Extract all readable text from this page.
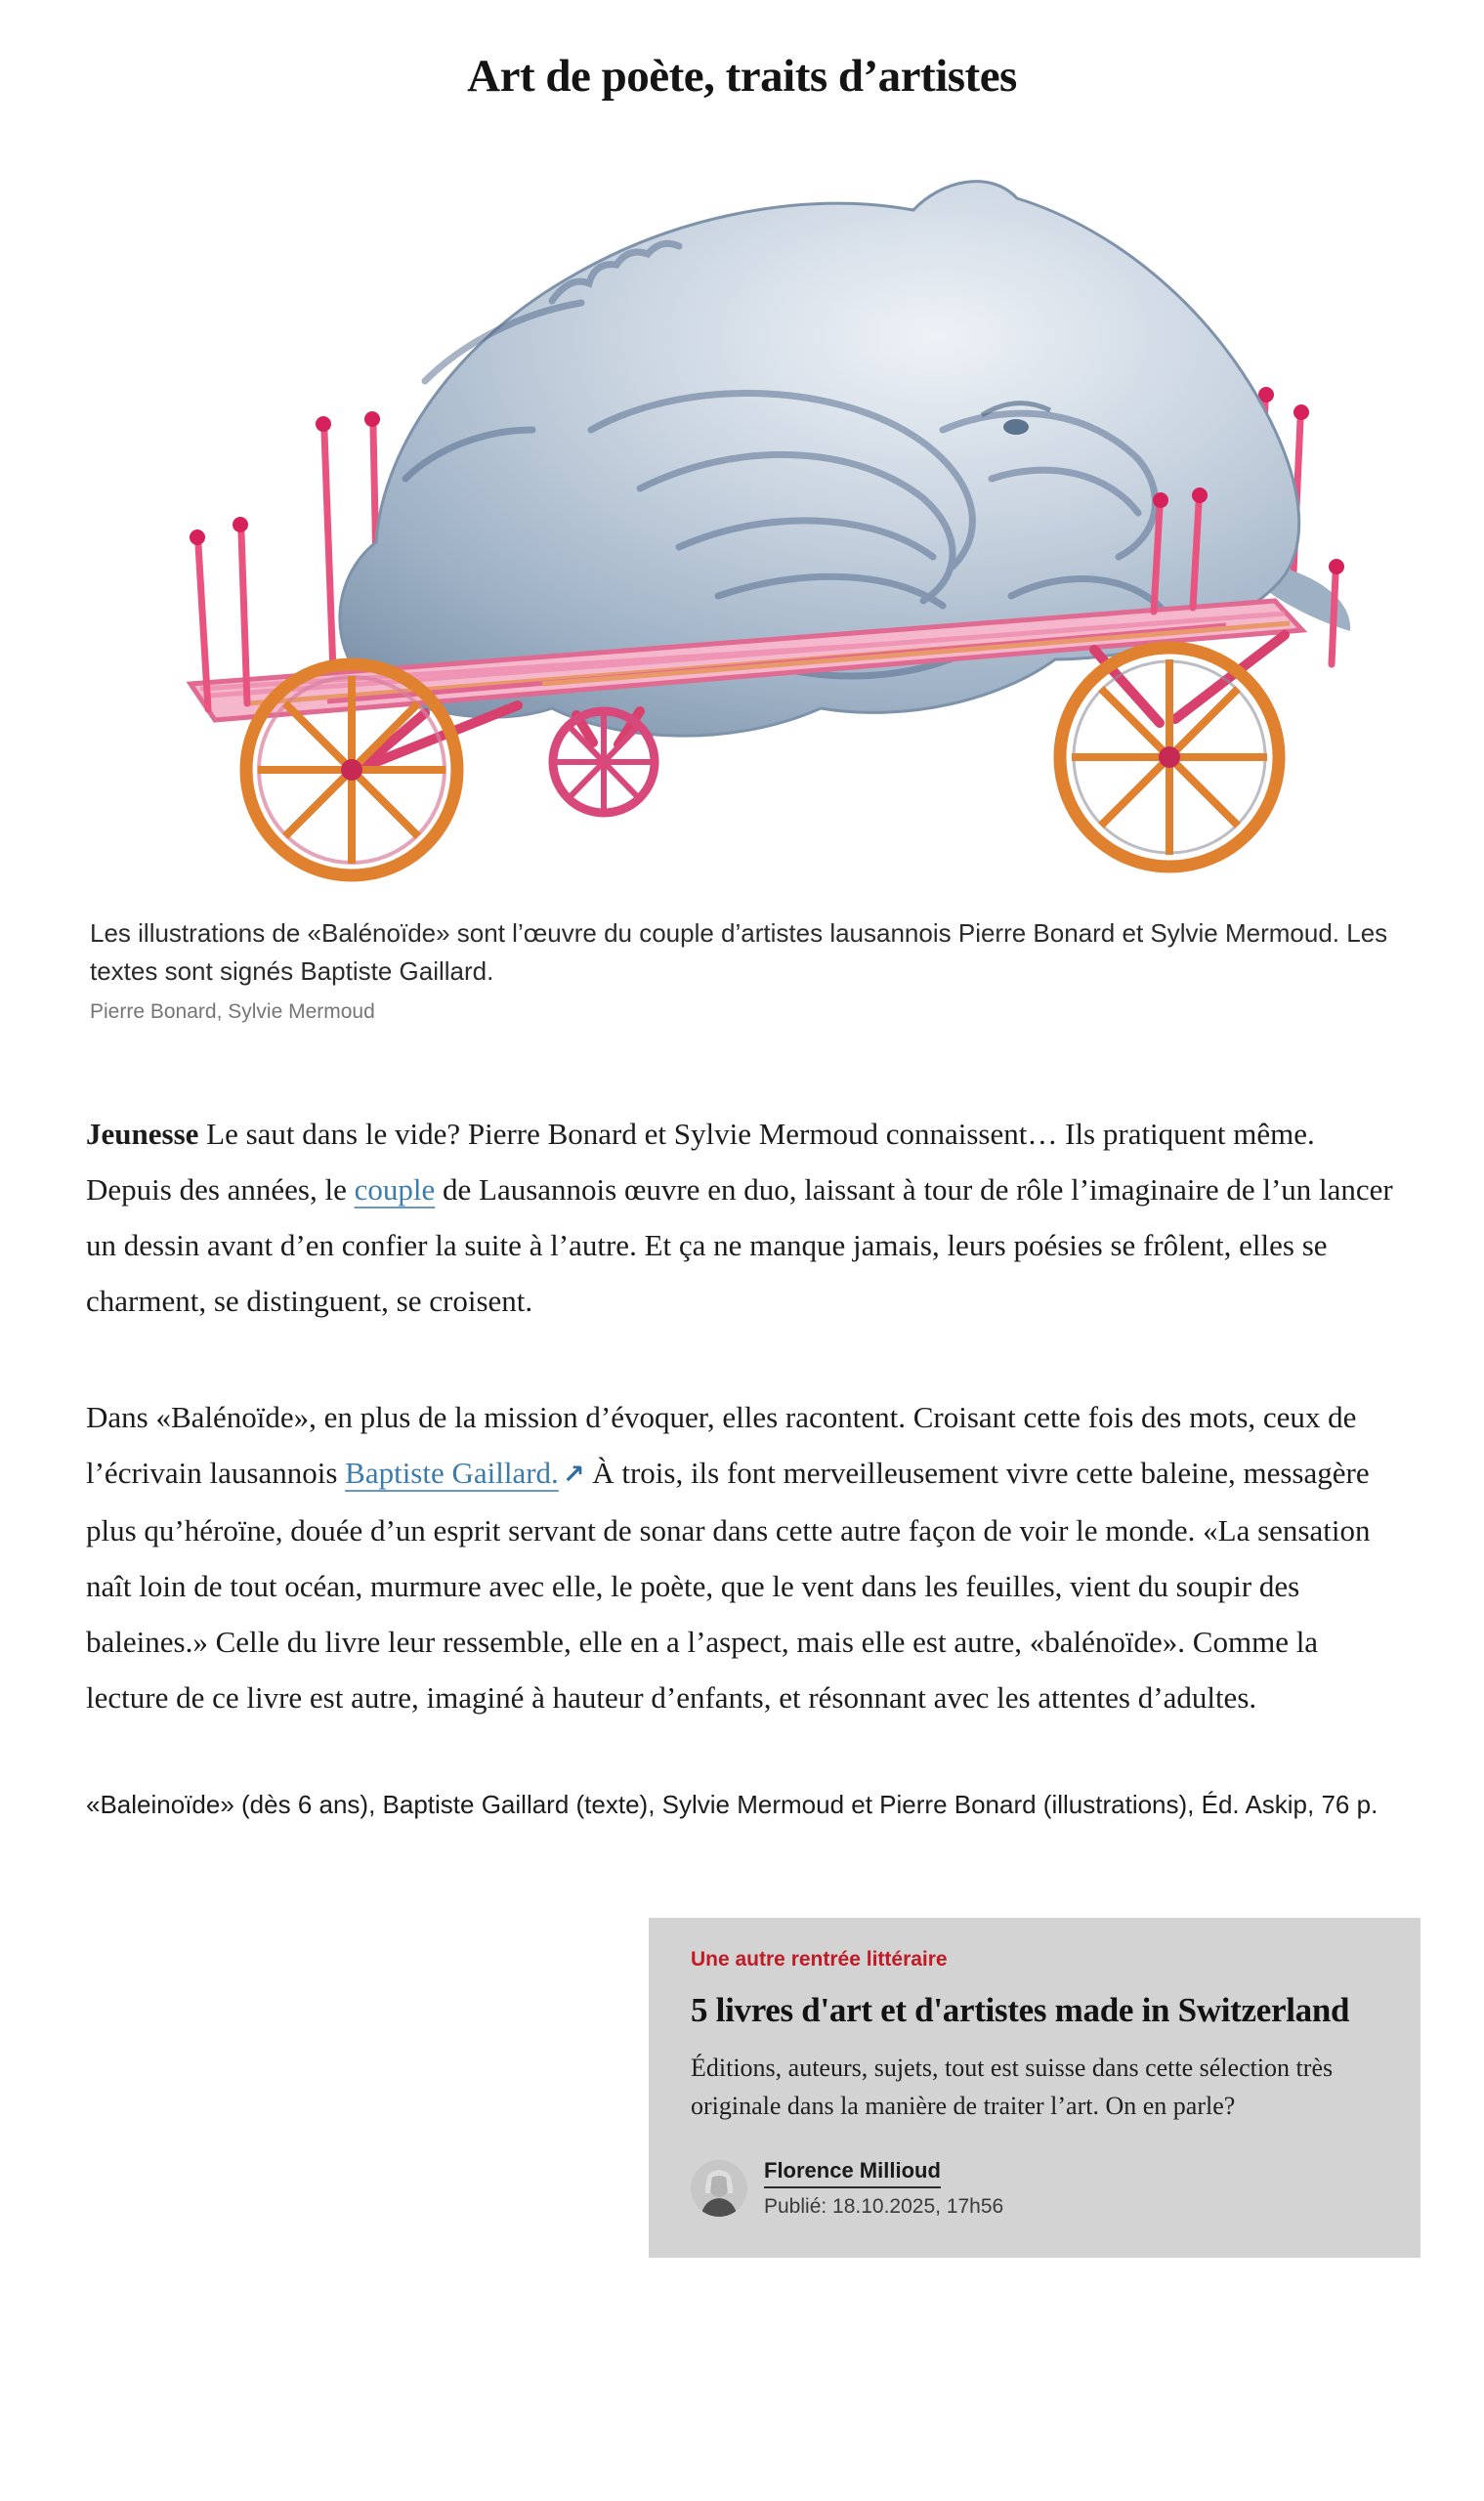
Art de poète, traits d’artistes

Les illustrations de «Balénoïde» sont l’œuvre du couple d’artistes lausannois Pierre Bonard et Sylvie Mermoud. Les textes sont signés Baptiste Gaillard.

Pierre Bonard, Sylvie Mermoud

Jeunesse Le saut dans le vide? Pierre Bonard et Sylvie Mermoud connaissent… Ils pratiquent même. Depuis des années, le couple de Lausannois œuvre en duo, laissant à tour de rôle l’imaginaire de l’un lancer un dessin avant d’en confier la suite à l’autre. Et ça ne manque jamais, leurs poésies se frôlent, elles se charment, se distinguent, se croisent.

Dans «Balénoïde», en plus de la mission d’évoquer, elles racontent. Croisant cette fois des mots, ceux de l’écrivain lausannois Baptiste Gaillard. ↗ À trois, ils font merveilleusement vivre cette baleine, messagère plus qu’héroïne, douée d’un esprit servant de sonar dans cette autre façon de voir le monde. «La sensation naît loin de tout océan, murmure avec elle, le poète, que le vent dans les feuilles, vient du soupir des baleines.» Celle du livre leur ressemble, elle en a l’aspect, mais elle est autre, «balénoïde». Comme la lecture de ce livre est autre, imaginé à hauteur d’enfants, et résonnant avec les attentes d’adultes.

«Baleinoïde» (dès 6 ans), Baptiste Gaillard (texte), Sylvie Mermoud et Pierre Bonard (illustrations), Éd. Askip, 76 p.

Une autre rentrée littéraire

5 livres d'art et d'artistes made in Switzerland

Éditions, auteurs, sujets, tout est suisse dans cette sélection très originale dans la manière de traiter l’art. On en parle?

Florence Millioud
Publié: 18.10.2025, 17h56
